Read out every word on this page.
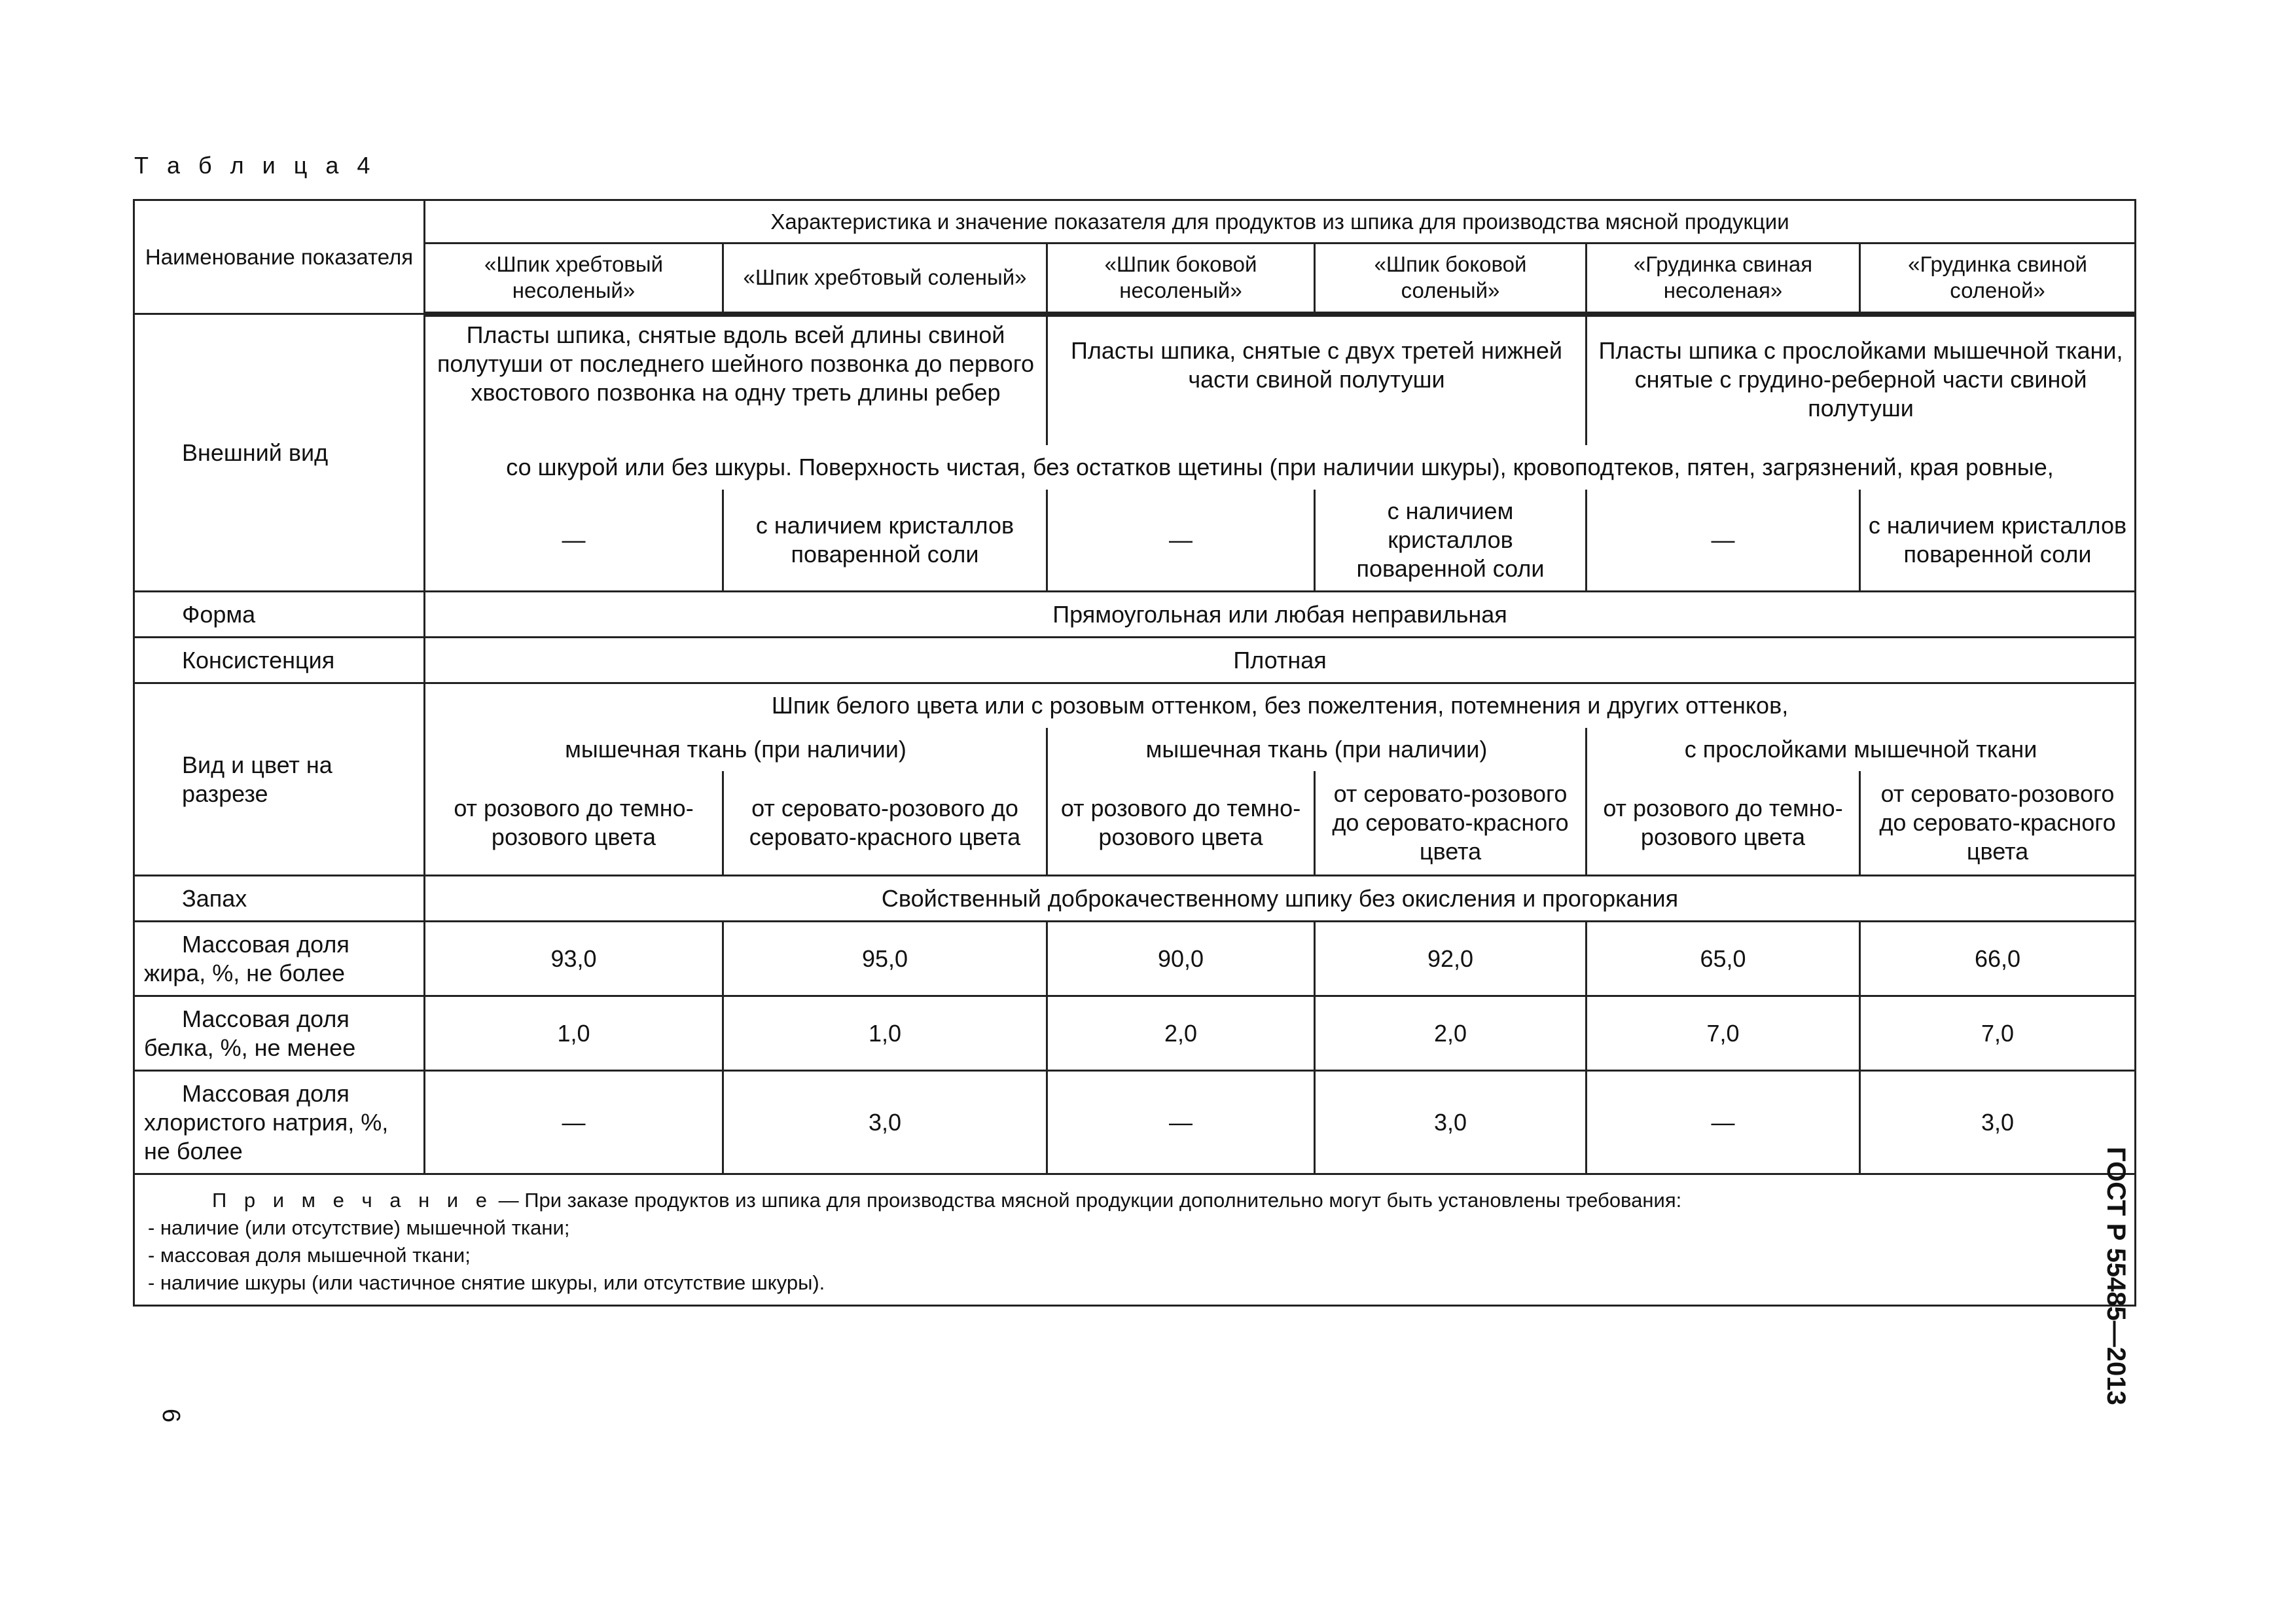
Т а б л и ц а 4
Наименование показателя	Характеристика и значение показателя для продуктов из шпика для производства мясной продукции					
	«Шпик хребтовый несоленый»	«Шпик хребтовый соленый»	«Шпик боковой несоленый»	«Шпик боковой соленый»	«Грудинка свиная несоленая»	«Грудинка свиной соленой»
Внешний вид	Пласты шпика, снятые вдоль всей длины свиной полутуши от последнего шейного позвонка до первого хвостового позвонка на одну треть длины ребер		Пласты шпика, снятые с двух третей нижней части свиной полутуши		Пласты шпика с прослойками мышечной ткани, снятые с грудино-реберной части свиной полутуши	
	со шкурой или без шкуры. Поверхность чистая, без остатков щетины (при наличии шкуры), кровоподтеков, пятен, загрязнений, края ровные,					
	—	с наличием кристаллов поваренной соли	—	с наличием кристаллов поваренной соли	—	с наличием кристаллов поваренной соли
Форма	Прямоугольная или любая неправильная					
Консистенция	Плотная					
Вид и цвет на разрезе	Шпик белого цвета или с розовым оттенком, без пожелтения, потемнения и других оттенков,					
	мышечная ткань (при наличии)		мышечная ткань (при наличии)		с прослойками мышечной ткани	
	от розового до темно-розового цвета	от серовато-розового до серовато-красного цвета	от розового до темно-розового цвета	от серовато-розового до серовато-красного цвета	от розового до темно-розового цвета	от серовато-розового до серовато-красного цвета
Запах	Свойственный доброкачественному шпику без окисления и прогоркания					
Массовая доля жира, %, не более	93,0	95,0	90,0	92,0	65,0	66,0
Массовая доля белка, %, не менее	1,0	1,0	2,0	2,0	7,0	7,0
Массовая доля хлористого натрия, %, не более	—	3,0	—	3,0	—	3,0

П р и м е ч а н и е — При заказе продуктов из шпика для производства мясной продукции дополнительно могут быть установлены требования:
- наличие (или отсутствие) мышечной ткани;
- массовая доля мышечной ткани;
- наличие шкуры (или частичное снятие шкуры, или отсутствие шкуры).							ГОСТ Р 55485—2013
6
